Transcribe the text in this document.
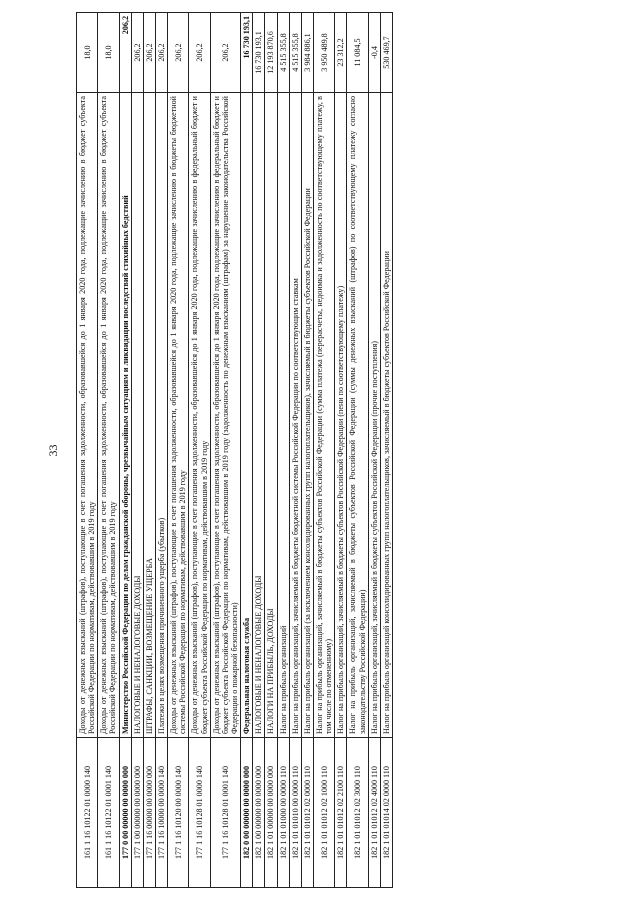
33
161 1 16 10122 01 0000 140	Доходы от денежных взысканий (штрафов), поступающие в счет погашения задолженности, образовавшейся до 1 января 2020 года, подлежащие зачислению в бюджет субъекта Российской Федерации по нормативам, действовавшим в 2019 году	18,0
161 1 16 10122 01 0001 140	Доходы от денежных взысканий (штрафов), поступающие в счет погашения задолженности, образовавшейся до 1 января 2020 года, подлежащие зачислению в бюджет субъекта Российской Федерации по нормативам, действовавшим в 2019 году	18,0
177 0 00 00000 00 0000 000	Министерство Российской Федерации по делам гражданской обороны, чрезвычайным ситуациям и ликвидации последствий стихийных бедствий	206,2
177 1 00 00000 00 0000 000	НАЛОГОВЫЕ И НЕНАЛОГОВЫЕ ДОХОДЫ	206,2
177 1 16 00000 00 0000 000	ШТРАФЫ, САНКЦИИ, ВОЗМЕЩЕНИЕ УЩЕРБА	206,2
177 1 16 10000 00 0000 140	Платежи в целях возмещения причиненного ущерба (убытков)	206,2
177 1 16 10120 00 0000 140	Доходы от денежных взысканий (штрафов), поступающие в счет погашения задолженности, образовавшейся до 1 января 2020 года, подлежащие зачислению в бюджеты бюджетной системы Российской Федерации по нормативам, действовавшим в 2019 году	206,2
177 1 16 10128 01 0000 140	Доходы от денежных взысканий (штрафов), поступающие в счет погашения задолженности, образовавшейся до 1 января 2020 года, подлежащие зачислению в федеральный бюджет и бюджет субъекта Российской Федерации по нормативам, действовавшим в 2019 году	206,2
177 1 16 10128 01 0001 140	Доходы от денежных взысканий (штрафов), поступающие в счет погашения задолженности, образовавшейся до 1 января 2020 года, подлежащие зачислению в федеральный бюджет и бюджет субъекта Российской Федерации по нормативам, действовавшим в 2019 году (задолженность по денежным взысканиям (штрафам) за нарушение законодательства Российской Федерации о пожарной безопасности)	206,2
182 0 00 00000 00 0000 000	Федеральная налоговая служба	16 730 193,1
182 1 00 00000 00 0000 000	НАЛОГОВЫЕ И НЕНАЛОГОВЫЕ ДОХОДЫ	16 730 193,1
182 1 01 00000 00 0000 000	НАЛОГИ НА ПРИБЫЛЬ, ДОХОДЫ	12 193 870,6
182 1 01 01000 00 0000 110	Налог на прибыль организаций	4 515 355,8
182 1 01 01010 00 0000 110	Налог на прибыль организаций, зачисляемый в бюджеты бюджетной системы Российской Федерации по соответствующим ставкам	4 515 355,8
182 1 01 01012 02 0000 110	Налог на прибыль организаций (за исключением консолидированных групп налогоплательщиков), зачисляемый в бюджеты субъектов Российской Федерации	3 984 886,1
182 1 01 01012 02 1000 110	Налог на прибыль организаций, зачисляемый в бюджеты субъектов Российской Федерации (сумма платежа (перерасчеты, недоимка и задолженность по соответствующему платежу, в том числе по отмененному)	3 950 489,8
182 1 01 01012 02 2100 110	Налог на прибыль организаций, зачисляемый в бюджеты субъектов Российской Федерации (пени по соответствующему платежу)	23 312,2
182 1 01 01012 02 3000 110	Налог на прибыль организаций, зачисляемый в бюджеты субъектов Российской Федерации (суммы денежных взысканий (штрафов) по соответствующему платежу согласно законодательству Российской Федерации)	11 084,5
182 1 01 01012 02 4000 110	Налог на прибыль организаций, зачисляемый в бюджеты субъектов Российской Федерации (прочие поступления)	-0,4
182 1 01 01014 02 0000 110	Налог на прибыль организаций консолидированных групп налогоплательщиков, зачисляемый в бюджеты субъектов Российской Федерации	530 469,7
